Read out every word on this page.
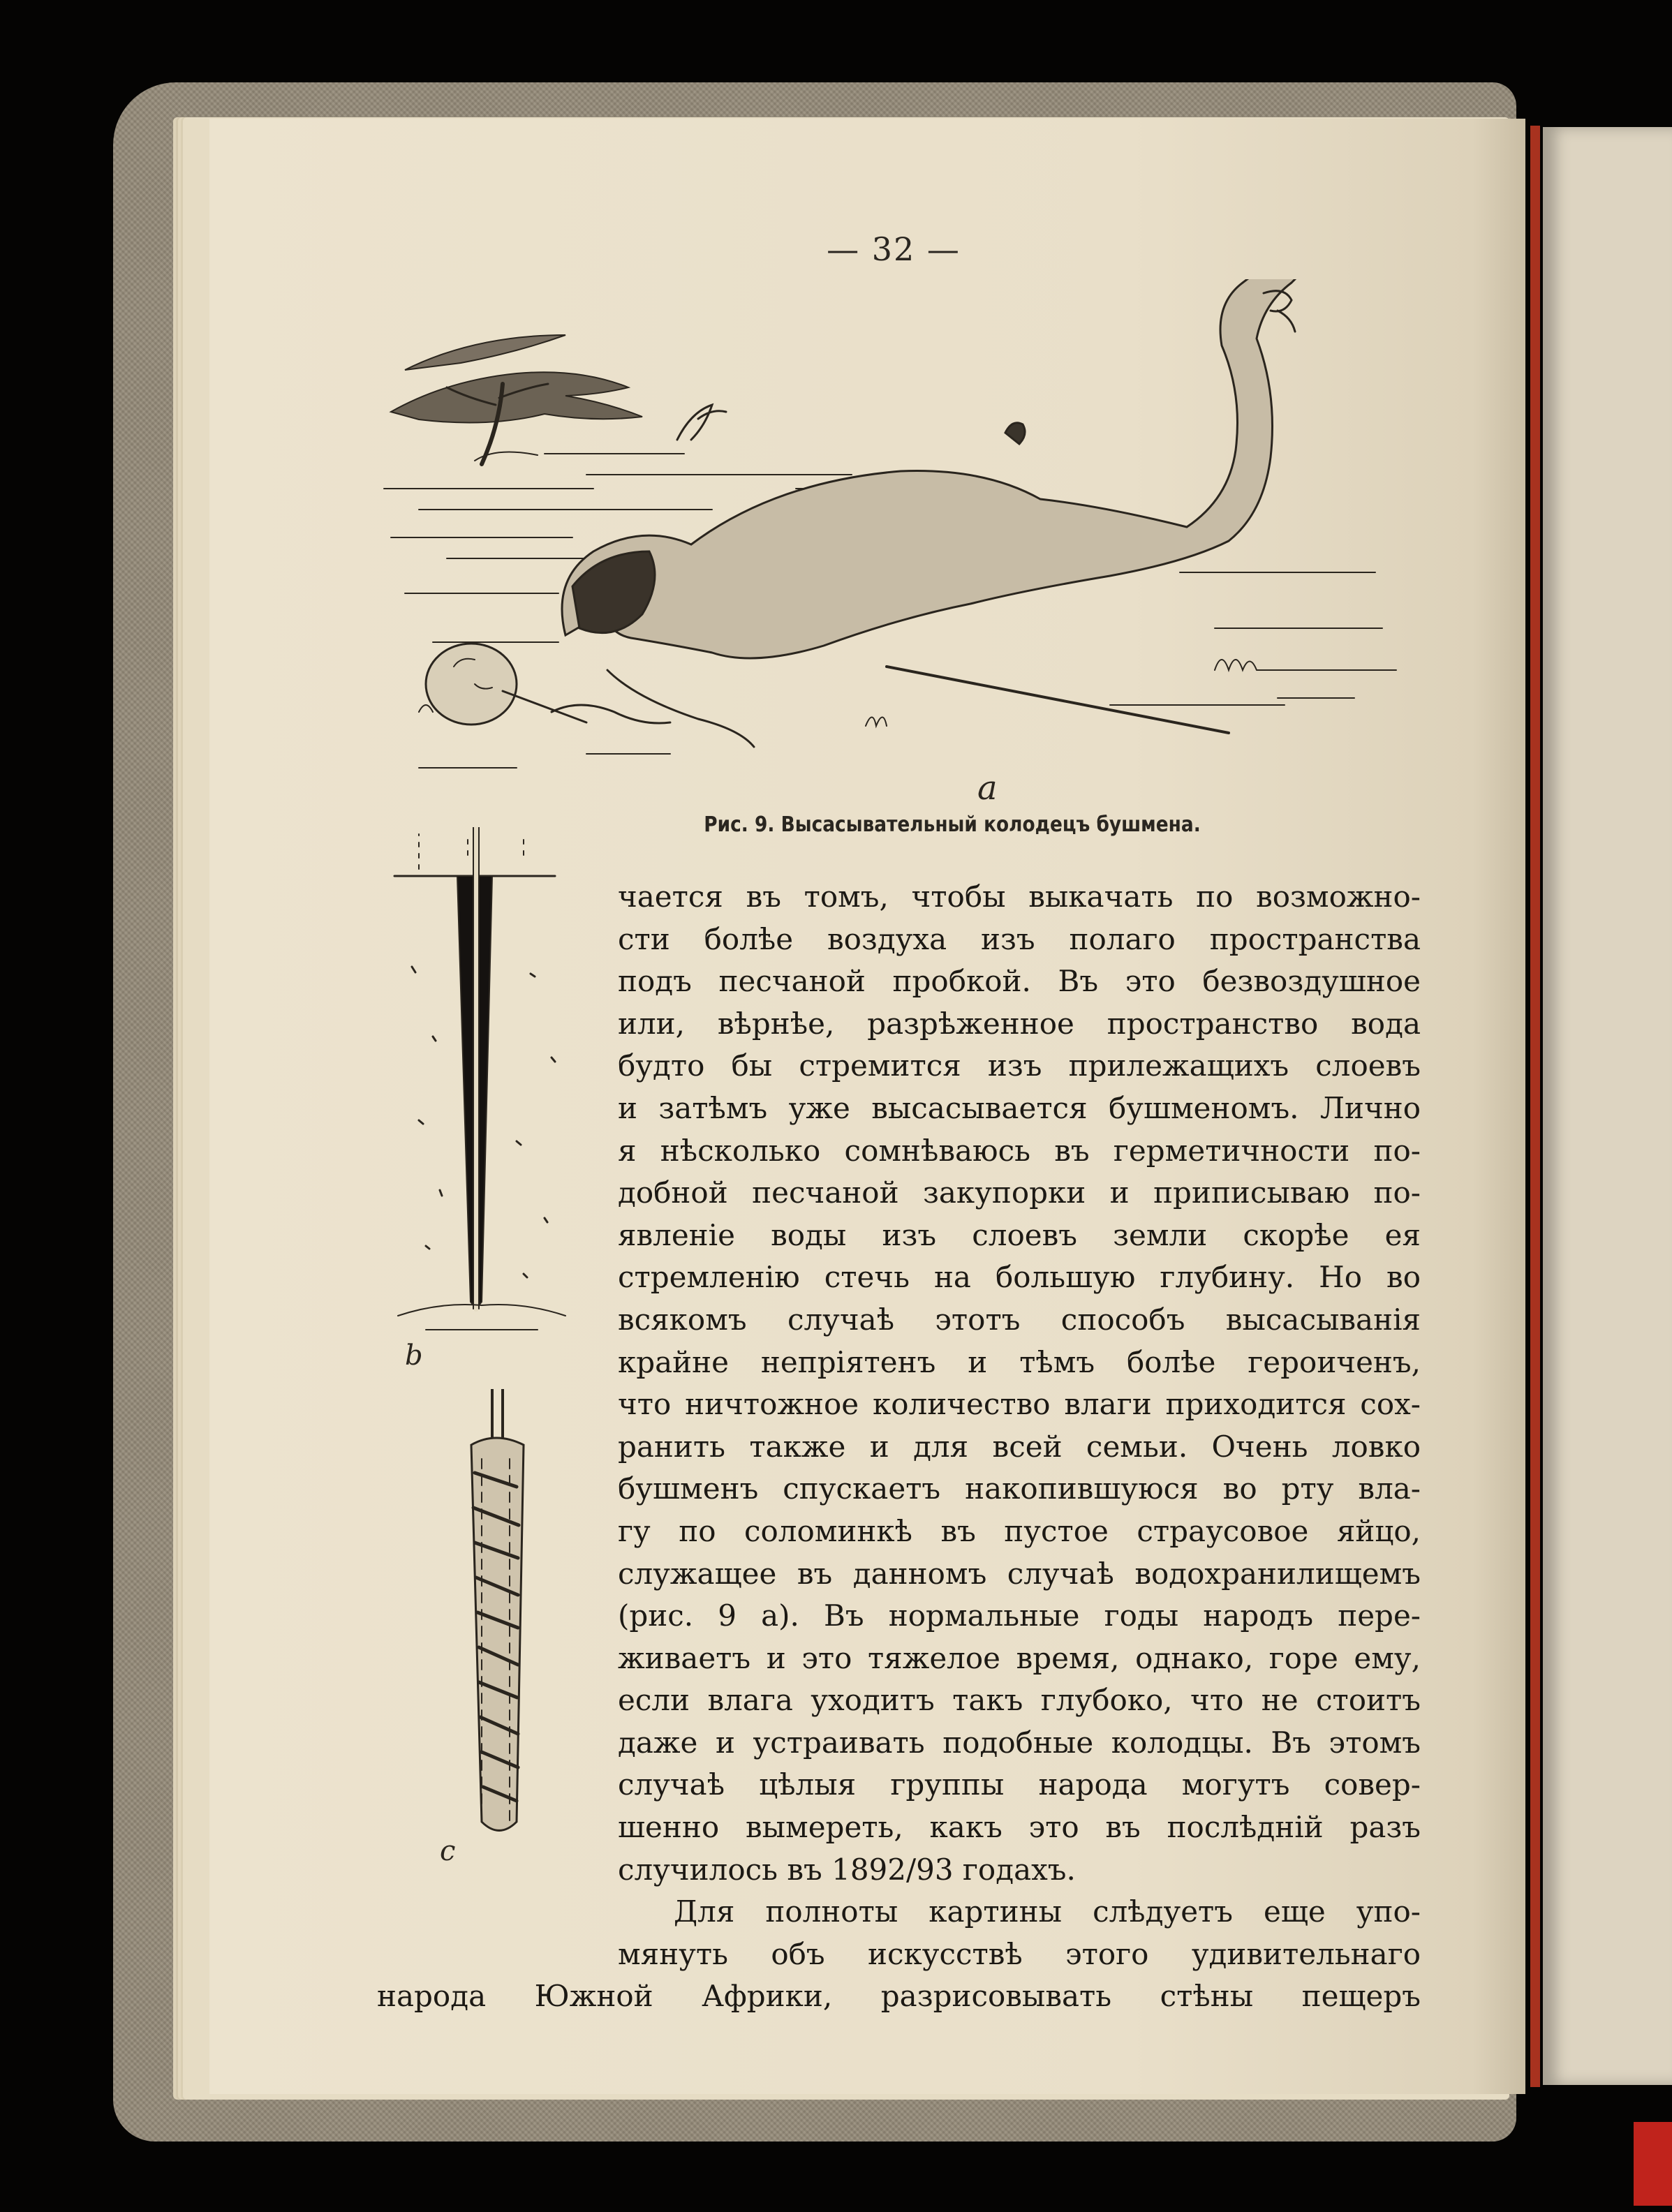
— 32 —
a
Рис. 9. Высасывательный колодецъ бушмена.
b
c
чается въ томъ, чтобы выкачать по возможно-
сти болѣе воздуха изъ полаго пространства
подъ песчаной пробкой. Въ это безвоздушное
или, вѣрнѣе, разрѣженное пространство вода
будто бы стремится изъ прилежащихъ слоевъ
и затѣмъ уже высасывается бушменомъ. Лично
я нѣсколько сомнѣваюсь въ герметичности по-
добной песчаной закупорки и приписываю по-
явленіе воды изъ слоевъ земли скорѣе ея
стремленію стечь на большую глубину. Но во
всякомъ случаѣ этотъ способъ высасыванія
крайне непріятенъ и тѣмъ болѣе героиченъ,
что ничтожное количество влаги приходится сох-
ранить также и для всей семьи. Очень ловко
бушменъ спускаетъ накопившуюся во рту вла-
гу по соломинкѣ въ пустое страусовое яйцо,
служащее въ данномъ случаѣ водохранилищемъ
(рис. 9 а). Въ нормальные годы народъ пере-
живаетъ и это тяжелое время, однако, горе ему,
если влага уходитъ такъ глубоко, что не стоитъ
даже и устраивать подобные колодцы. Въ этомъ
случаѣ цѣлыя группы народа могутъ совер-
шенно вымереть, какъ это въ послѣдній разъ
случилось въ 1892/93 годахъ.
Для полноты картины слѣдуетъ еще упо-
мянуть объ искусствѣ этого удивительнаго
народа Южной Африки, разрисовывать стѣны пещеръ
